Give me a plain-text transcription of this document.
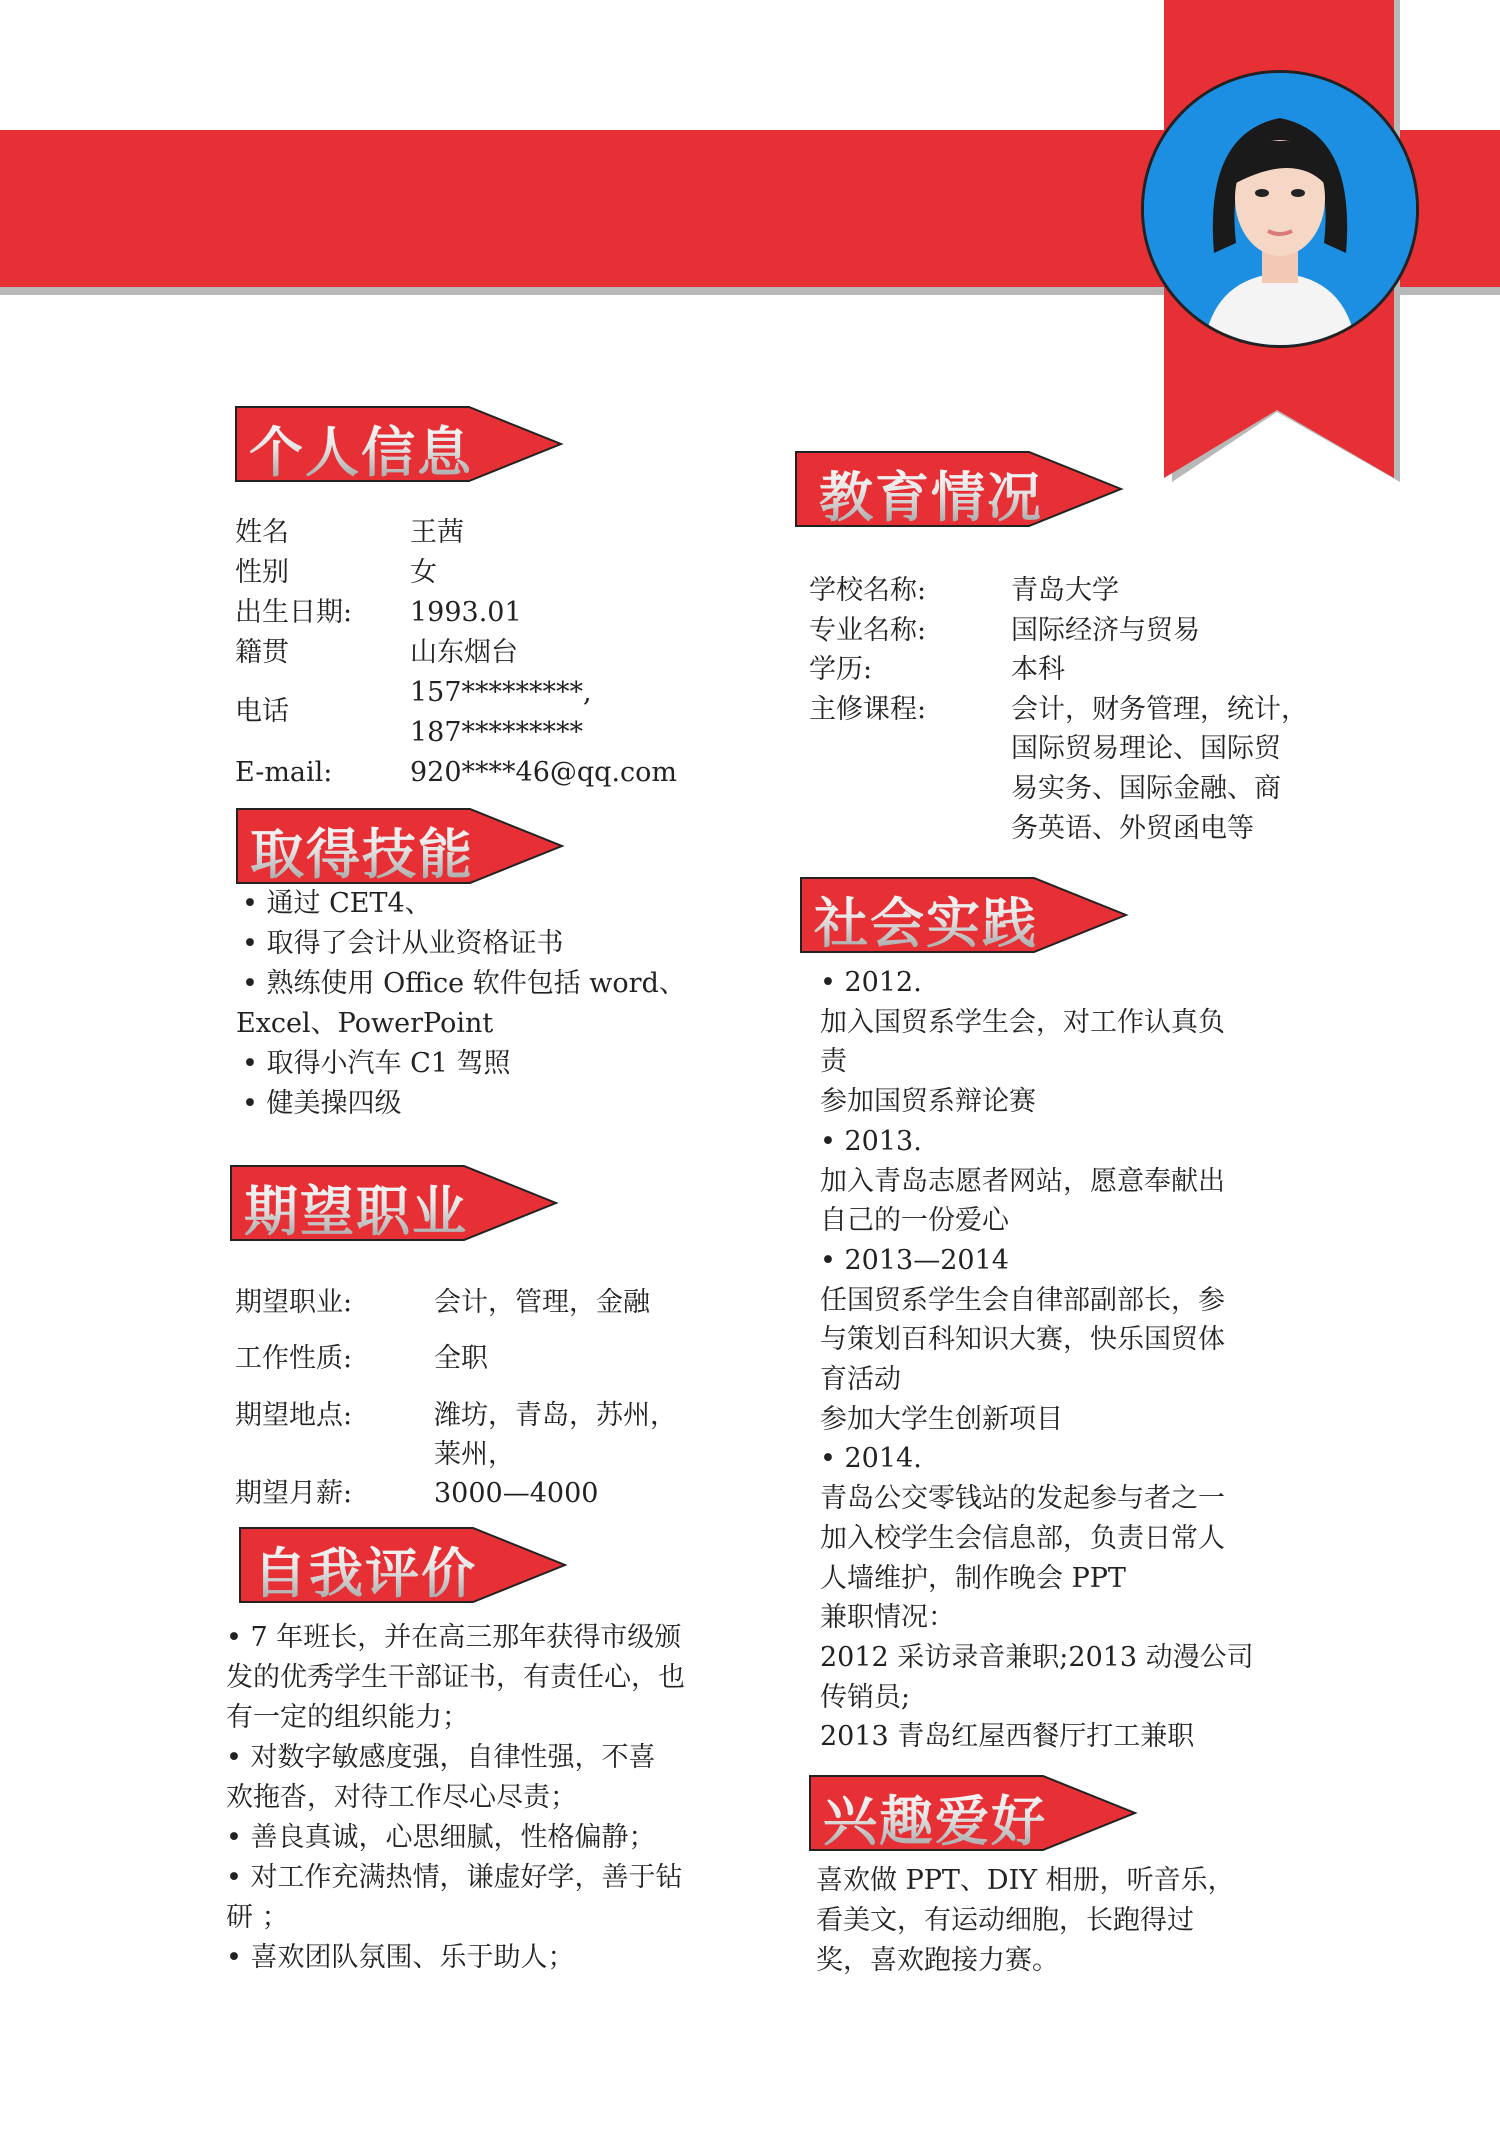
个人信息
取得技能
期望职业
自我评价
教育情况
社会实践
兴趣爱好
姓名	王茜
性别	女
出生日期: 1993.01
籍贯	山东烟台
电话
157*********,
187*********
E-mail:	920****46@qq.com
• 通过 CET4、
• 取得了会计从业资格证书
• 熟练使用 Office 软件包括 word、
Excel、PowerPoint
• 取得小汽车 C1 驾照
• 健美操四级
期望职业:	会计，管理，金融
工作性质:	全职
期望地点:	潍坊，青岛，苏州，
莱州，
期望月薪:	3000—4000
• 7 年班长，并在高三那年获得市级颁
发的优秀学生干部证书，有责任心，也
有一定的组织能力；
• 对数字敏感度强，自律性强，不喜
欢拖沓，对待工作尽心尽责；
• 善良真诚，心思细腻，性格偏静；
• 对工作充满热情，谦虚好学，善于钻
研 ；
• 喜欢团队氛围、乐于助人；
学校名称:	青岛大学
专业名称:	国际经济与贸易
学历:	本科
主修课程:	会计，财务管理，统计，
国际贸易理论、国际贸
易实务、国际金融、商
务英语、外贸函电等
• 2012.
加入国贸系学生会，对工作认真负
责
参加国贸系辩论赛
• 2013.
加入青岛志愿者网站，愿意奉献出
自己的一份爱心
• 2013—2014
任国贸系学生会自律部副部长，参
与策划百科知识大赛，快乐国贸体
育活动
参加大学生创新项目
• 2014.
青岛公交零钱站的发起参与者之一
加入校学生会信息部，负责日常人
人墙维护，制作晚会 PPT
兼职情况：
2012 采访录音兼职;2013 动漫公司
传销员;
2013 青岛红屋西餐厅打工兼职
喜欢做 PPT、DIY 相册，听音乐，
看美文，有运动细胞，长跑得过
奖，喜欢跑接力赛。
